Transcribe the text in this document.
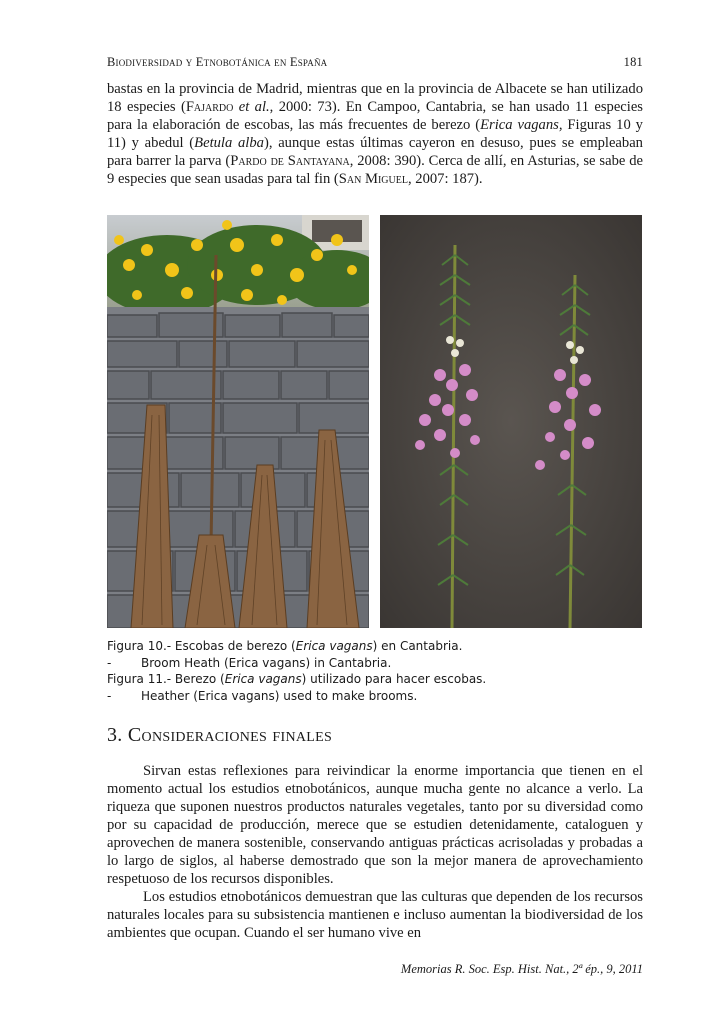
Biodiversidad y Etnobotánica en España	181
bastas en la provincia de Madrid, mientras que en la provincia de Albacete se han utilizado 18 especies (Fajardo et al., 2000: 73). En Campoo, Cantabria, se han usado 11 especies para la elaboración de escobas, las más frecuentes de berezo (Erica vagans, Figuras 10 y 11) y abedul (Betula alba), aunque estas últimas cayeron en desuso, pues se empleaban para barrer la parva (Pardo de Santayana, 2008: 390). Cerca de allí, en Asturias, se sabe de 9 especies que sean usadas para tal fin (San Miguel, 2007: 187).
Figura 10.- Escobas de berezo ( Erica vagans ) en Cantabria.
-	Broom Heath (Erica vagans) in Cantabria.
Figura 11.- Berezo ( Erica vagans ) utilizado para hacer escobas.
-	Heather (Erica vagans) used to make brooms.
3. Consideraciones finales
Sirvan estas reflexiones para reivindicar la enorme importancia que tienen en el momento actual los estudios etnobotánicos, aunque mucha gente no alcance a verlo. La riqueza que suponen nuestros productos naturales vegetales, tanto por su diversidad como por su capacidad de producción, merece que se estudien detenidamente, cataloguen y aprovechen de manera sostenible, conservando antiguas prácticas acrisoladas y probadas a lo largo de siglos, al haberse demostrado que son la mejor manera de aprovechamiento respetuoso de los recursos disponibles.
Los estudios etnobotánicos demuestran que las culturas que dependen de los recursos naturales locales para su subsistencia mantienen e incluso aumentan la biodiversidad de los ambientes que ocupan. Cuando el ser humano vive en
Memorias R. Soc. Esp. Hist. Nat., 2ª ép., 9, 2011
